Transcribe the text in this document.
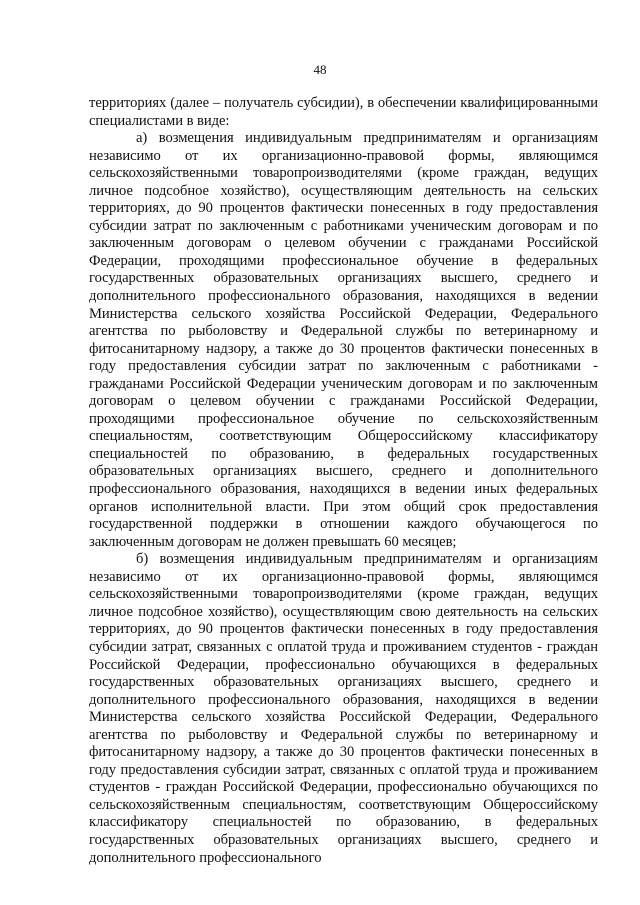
48

территориях (далее – получатель субсидии), в обеспечении квалифицированными специалистами в виде:

а) возмещения индивидуальным предпринимателям и организациям независимо от их организационно-правовой формы, являющимся сельскохозяйственными товаропроизводителями (кроме граждан, ведущих личное подсобное хозяйство), осуществляющим деятельность на сельских территориях, до 90 процентов фактически понесенных в году предоставления субсидии затрат по заключенным с работниками ученическим договорам и по заключенным договорам о целевом обучении с гражданами Российской Федерации, проходящими профессиональное обучение в федеральных государственных образовательных организациях высшего, среднего и дополнительного профессионального образования, находящихся в ведении Министерства сельского хозяйства Российской Федерации, Федерального агентства по рыболовству и Федеральной службы по ветеринарному и фитосанитарному надзору, а также до 30 процентов фактически понесенных в году предоставления субсидии затрат по заключенным с работниками - гражданами Российской Федерации ученическим договорам и по заключенным договорам о целевом обучении с гражданами Российской Федерации, проходящими профессиональное обучение по сельскохозяйственным специальностям, соответствующим Общероссийскому классификатору специальностей по образованию, в федеральных государственных образовательных организациях высшего, среднего и дополнительного профессионального образования, находящихся в ведении иных федеральных органов исполнительной власти. При этом общий срок предоставления государственной поддержки в отношении каждого обучающегося по заключенным договорам не должен превышать 60 месяцев;

б) возмещения индивидуальным предпринимателям и организациям независимо от их организационно-правовой формы, являющимся сельскохозяйственными товаропроизводителями (кроме граждан, ведущих личное подсобное хозяйство), осуществляющим свою деятельность на сельских территориях, до 90 процентов фактически понесенных в году предоставления субсидии затрат, связанных с оплатой труда и проживанием студентов - граждан Российской Федерации, профессионально обучающихся в федеральных государственных образовательных организациях высшего, среднего и дополнительного профессионального образования, находящихся в ведении Министерства сельского хозяйства Российской Федерации, Федерального агентства по рыболовству и Федеральной службы по ветеринарному и фитосанитарному надзору, а также до 30 процентов фактически понесенных в году предоставления субсидии затрат, связанных с оплатой труда и проживанием студентов - граждан Российской Федерации, профессионально обучающихся по сельскохозяйственным специальностям, соответствующим Общероссийскому классификатору специальностей по образованию, в федеральных государственных образовательных организациях высшего, среднего и дополнительного профессионального
